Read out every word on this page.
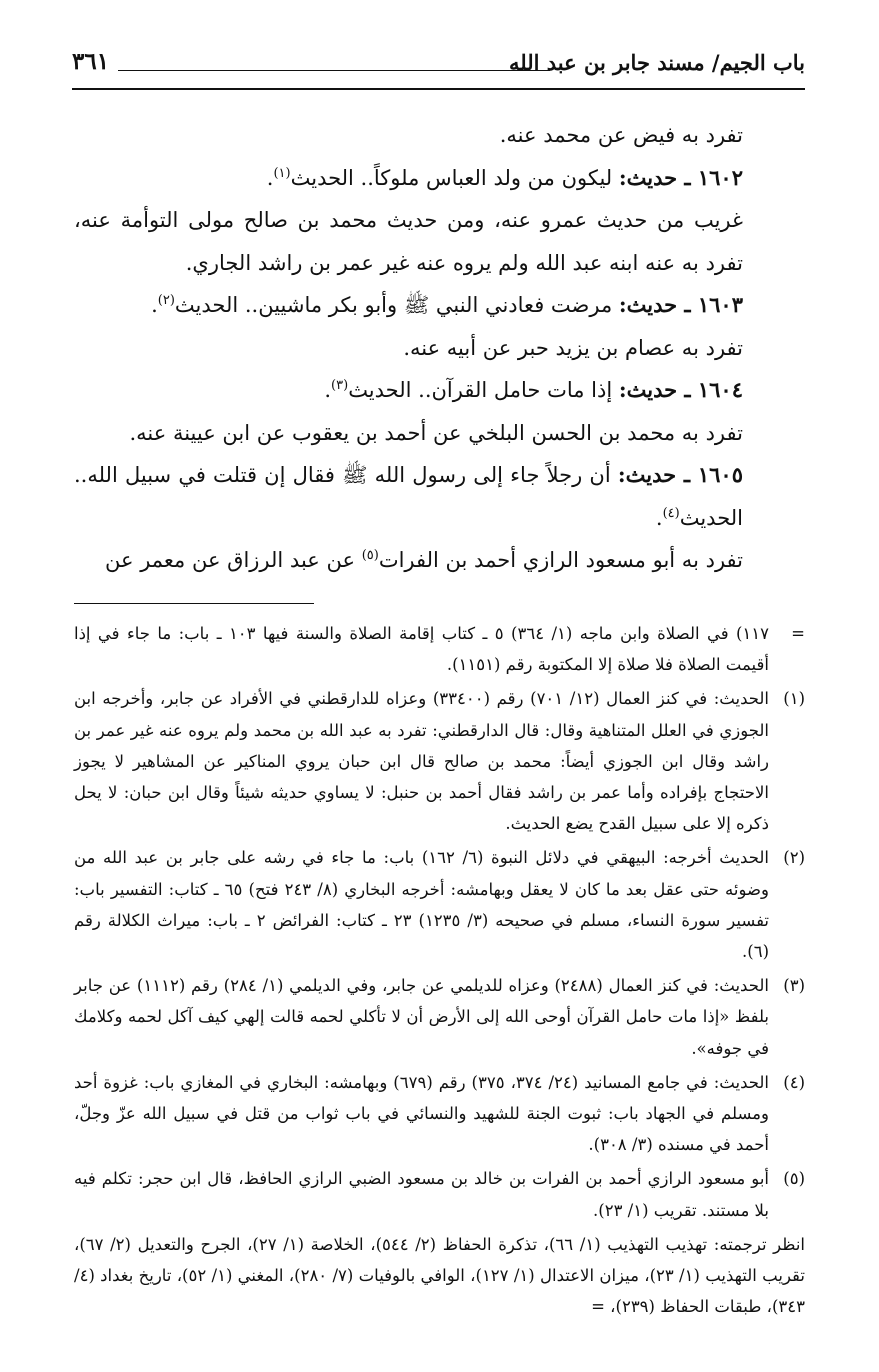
باب الجيم/ مسند جابر بن عبد الله
٣٦١

تفرد به فيض عن محمد عنه.

١٦٠٢ ـ حديث: ليكون من ولد العباس ملوكاً.. الحديث$^{(١)}$.

غريب من حديث عمرو عنه، ومن حديث محمد بن صالح مولى التوأمة عنه، تفرد به عنه ابنه عبد الله ولم يروه عنه غير عمر بن راشد الجاري.

١٦٠٣ ـ حديث: مرضت فعادني النبي ﷺ وأبو بكر ماشيين.. الحديث$^{(٢)}$.

تفرد به عصام بن يزيد حبر عن أبيه عنه.

١٦٠٤ ـ حديث: إذا مات حامل القرآن.. الحديث$^{(٣)}$.

تفرد به محمد بن الحسن البلخي عن أحمد بن يعقوب عن ابن عيينة عنه.

١٦٠٥ ـ حديث: أن رجلاً جاء إلى رسول الله ﷺ فقال إن قتلت في سبيل الله.. الحديث$^{(٤)}$.

تفرد به أبو مسعود الرازي أحمد بن الفرات$^{(٥)}$ عن عبد الرزاق عن معمر عن

=
١١٧) في الصلاة وابن ماجه (١/ ٣٦٤) ٥ ـ كتاب إقامة الصلاة والسنة فيها ١٠٣ ـ باب: ما جاء في إذا أقيمت الصلاة فلا صلاة إلا المكتوبة رقم (١١٥١).
(١)
الحديث: في كنز العمال (١٢/ ٧٠١) رقم (٣٣٤٠٠) وعزاه للدارقطني في الأفراد عن جابر، وأخرجه ابن الجوزي في العلل المتناهية وقال: قال الدارقطني: تفرد به عبد الله بن محمد ولم يروه عنه غير عمر بن راشد وقال ابن الجوزي أيضاً: محمد بن صالح قال ابن حبان يروي المناكير عن المشاهير لا يجوز الاحتجاج بإفراده وأما عمر بن راشد فقال أحمد بن حنبل: لا يساوي حديثه شيئاً وقال ابن حبان: لا يحل ذكره إلا على سبيل القدح يضع الحديث.
(٢)
الحديث أخرجه: البيهقي في دلائل النبوة (٦/ ١٦٢) باب: ما جاء في رشه على جابر بن عبد الله من وضوئه حتى عقل بعد ما كان لا يعقل وبهامشه: أخرجه البخاري (٨/ ٢٤٣ فتح) ٦٥ ـ كتاب: التفسير باب: تفسير سورة النساء، مسلم في صحيحه (٣/ ١٢٣٥) ٢٣ ـ كتاب: الفرائض ٢ ـ باب: ميراث الكلالة رقم (٦).
(٣)
الحديث: في كنز العمال (٢٤٨٨) وعزاه للديلمي عن جابر، وفي الديلمي (١/ ٢٨٤) رقم (١١١٢) عن جابر بلفظ «إذا مات حامل القرآن أوحى الله إلى الأرض أن لا تأكلي لحمه قالت إلهي كيف آكل لحمه وكلامك في جوفه».
(٤)
الحديث: في جامع المسانيد (٢٤/ ٣٧٤، ٣٧٥) رقم (٦٧٩) وبهامشه: البخاري في المغازي باب: غزوة أحد ومسلم في الجهاد باب: ثبوت الجنة للشهيد والنسائي في باب ثواب من قتل في سبيل الله عزّ وجلّ، أحمد في مسنده (٣/ ٣٠٨).
(٥)
أبو مسعود الرازي أحمد بن الفرات بن خالد بن مسعود الضبي الرازي الحافظ، قال ابن حجر: تكلم فيه بلا مستند. تقريب (١/ ٢٣).

انظر ترجمته: تهذيب التهذيب (١/ ٦٦)، تذكرة الحفاظ (٢/ ٥٤٤)، الخلاصة (١/ ٢٧)، الجرح والتعديل (٢/ ٦٧)، تقريب التهذيب (١/ ٢٣)، ميزان الاعتدال (١/ ١٢٧)، الوافي بالوفيات (٧/ ٢٨٠)، المغني (١/ ٥٢)، تاريخ بغداد (٤/ ٣٤٣)، طبقات الحفاظ (٢٣٩)، =
